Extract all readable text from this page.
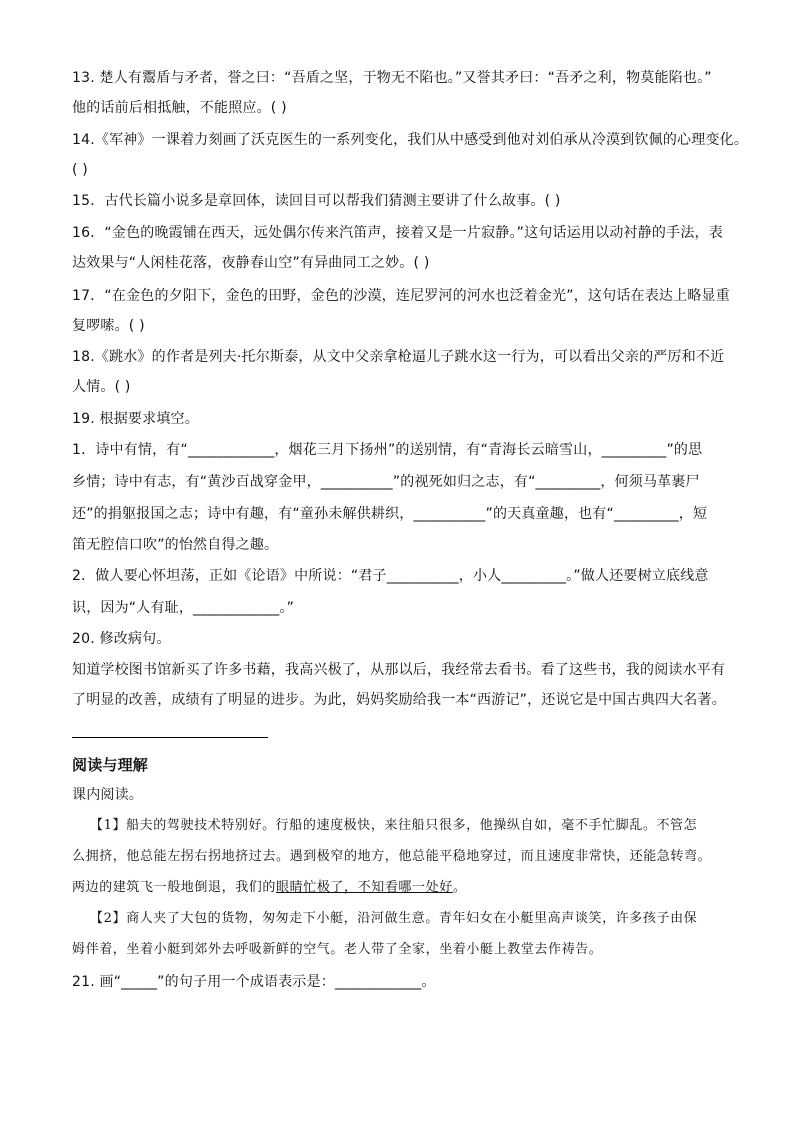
13. 楚人有鬻盾与矛者，誉之曰：“吾盾之坚，于物无不陷也。”又誉其矛曰：“吾矛之利，物莫能陷也。”
他的话前后相抵触，不能照应。( )
14.《军神》一课着力刻画了沃克医生的一系列变化，我们从中感受到他对刘伯承从冷漠到钦佩的心理变化。
( )
15．古代长篇小说多是章回体，读回目可以帮我们猜测主要讲了什么故事。( )
16．“金色的晚霞铺在西天，远处偶尔传来汽笛声，接着又是一片寂静。”这句话运用以动衬静的手法，表
达效果与“人闲桂花落，夜静春山空”有异曲同工之妙。( )
17．“在金色的夕阳下，金色的田野，金色的沙漠，连尼罗河的河水也泛着金光”，这句话在表达上略显重
复啰嗦。( )
18.《跳水》的作者是列夫·托尔斯泰，从文中父亲拿枪逼儿子跳水这一行为，可以看出父亲的严厉和不近
人情。( )
19. 根据要求填空。
1．诗中有情，有“____________，烟花三月下扬州”的送别情，有“青海长云暗雪山，_________”的思
乡情；诗中有志，有“黄沙百战穿金甲，__________”的视死如归之志，有“_________，何须马革裹尸
还”的捐躯报国之志；诗中有趣，有“童孙未解供耕织，__________”的天真童趣，也有“_________，短
笛无腔信口吹”的怡然自得之趣。
2．做人要心怀坦荡，正如《论语》中所说：“君子__________，小人_________。”做人还要树立底线意
识，因为“人有耻，____________。”
20. 修改病句。
知道学校图书馆新买了许多书藉，我高兴极了，从那以后，我经常去看书。看了这些书，我的阅读水平有
了明显的改善，成绩有了明显的进步。为此，妈妈奖励给我一本“西游记”，还说它是中国古典四大名著。
阅读与理解
课内阅读。
【1】船夫的驾驶技术特别好。行船的速度极快，来往船只很多，他操纵自如，毫不手忙脚乱。不管怎
么拥挤，他总能左拐右拐地挤过去。遇到极窄的地方，他总能平稳地穿过，而且速度非常快，还能急转弯。
两边的建筑飞一般地倒退，我们的眼睛忙极了，不知看哪一处好。
【2】商人夹了大包的货物，匆匆走下小艇，沿河做生意。青年妇女在小艇里高声谈笑，许多孩子由保
姆伴着，坐着小艇到郊外去呼吸新鲜的空气。老人带了全家，坐着小艇上教堂去作祷告。
21. 画“_____”的句子用一个成语表示是：____________。
